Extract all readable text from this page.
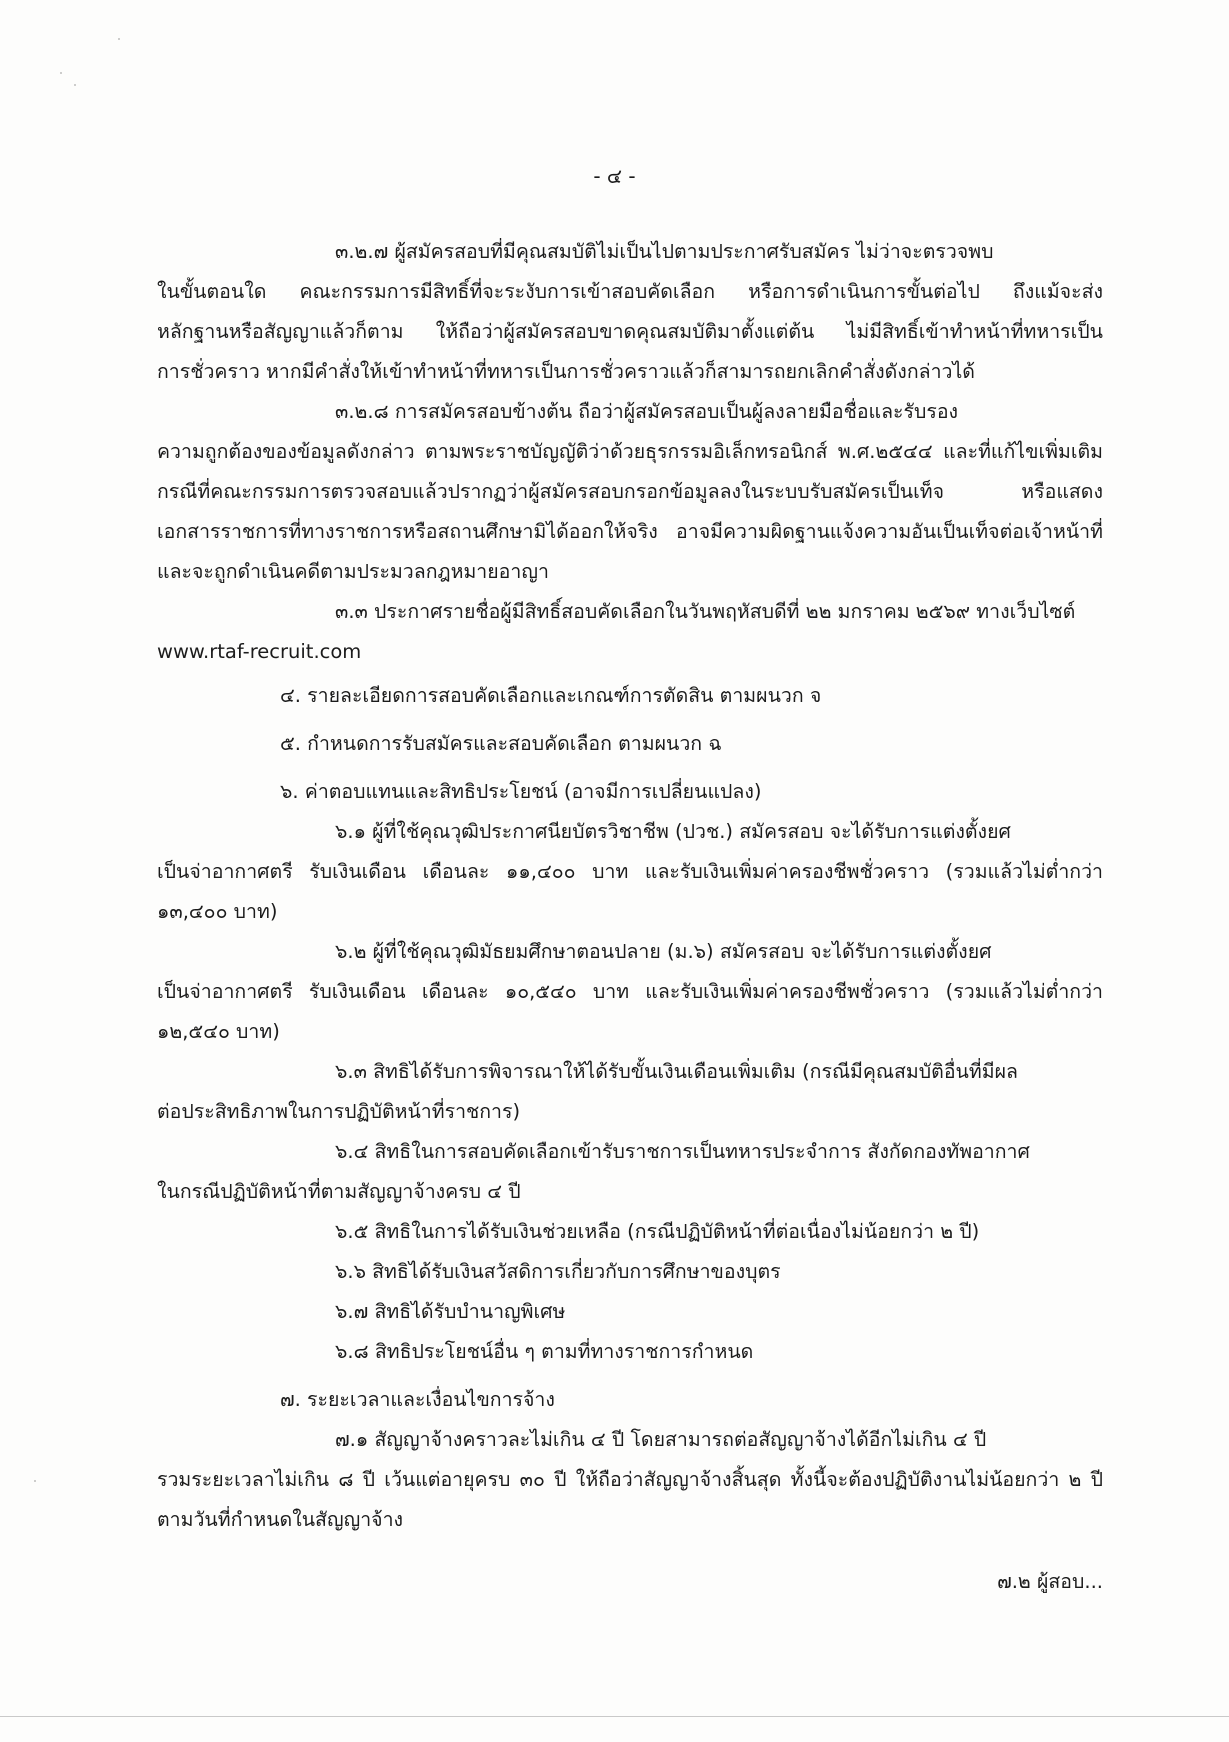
- ๔ -
๓.๒.๗ ผู้สมัครสอบที่มีคุณสมบัติไม่เป็นไปตามประกาศรับสมัคร ไม่ว่าจะตรวจพบ
ในขั้นตอนใด คณะกรรมการมีสิทธิ์ที่จะระงับการเข้าสอบคัดเลือก หรือการดำเนินการขั้นต่อไป ถึงแม้จะส่ง
หลักฐานหรือสัญญาแล้วก็ตาม ให้ถือว่าผู้สมัครสอบขาดคุณสมบัติมาตั้งแต่ต้น ไม่มีสิทธิ์เข้าทำหน้าที่ทหารเป็น
การชั่วคราว หากมีคำสั่งให้เข้าทำหน้าที่ทหารเป็นการชั่วคราวแล้วก็สามารถยกเลิกคำสั่งดังกล่าวได้
๓.๒.๘ การสมัครสอบข้างต้น ถือว่าผู้สมัครสอบเป็นผู้ลงลายมือชื่อและรับรอง
ความถูกต้องของข้อมูลดังกล่าว ตามพระราชบัญญัติว่าด้วยธุรกรรมอิเล็กทรอนิกส์ พ.ศ.๒๕๔๔ และที่แก้ไขเพิ่มเติม
กรณีที่คณะกรรมการตรวจสอบแล้วปรากฏว่าผู้สมัครสอบกรอกข้อมูลลงในระบบรับสมัครเป็นเท็จ หรือแสดง
เอกสารราชการที่ทางราชการหรือสถานศึกษามิได้ออกให้จริง อาจมีความผิดฐานแจ้งความอันเป็นเท็จต่อเจ้าหน้าที่
และจะถูกดำเนินคดีตามประมวลกฎหมายอาญา
๓.๓ ประกาศรายชื่อผู้มีสิทธิ์สอบคัดเลือกในวันพฤหัสบดีที่ ๒๒ มกราคม ๒๕๖๙ ทางเว็บไซต์
www.rtaf-recruit.com
๔. รายละเอียดการสอบคัดเลือกและเกณฑ์การตัดสิน ตามผนวก จ
๕. กำหนดการรับสมัครและสอบคัดเลือก ตามผนวก ฉ
๖. ค่าตอบแทนและสิทธิประโยชน์ (อาจมีการเปลี่ยนแปลง)
๖.๑ ผู้ที่ใช้คุณวุฒิประกาศนียบัตรวิชาชีพ (ปวช.) สมัครสอบ จะได้รับการแต่งตั้งยศ
เป็นจ่าอากาศตรี รับเงินเดือน เดือนละ ๑๑,๔๐๐ บาท และรับเงินเพิ่มค่าครองชีพชั่วคราว (รวมแล้วไม่ต่ำกว่า
๑๓,๔๐๐ บาท)
๖.๒ ผู้ที่ใช้คุณวุฒิมัธยมศึกษาตอนปลาย (ม.๖) สมัครสอบ จะได้รับการแต่งตั้งยศ
เป็นจ่าอากาศตรี รับเงินเดือน เดือนละ ๑๐,๕๔๐ บาท และรับเงินเพิ่มค่าครองชีพชั่วคราว (รวมแล้วไม่ต่ำกว่า
๑๒,๕๔๐ บาท)
๖.๓ สิทธิได้รับการพิจารณาให้ได้รับขั้นเงินเดือนเพิ่มเติม (กรณีมีคุณสมบัติอื่นที่มีผล
ต่อประสิทธิภาพในการปฏิบัติหน้าที่ราชการ)
๖.๔ สิทธิในการสอบคัดเลือกเข้ารับราชการเป็นทหารประจำการ สังกัดกองทัพอากาศ
ในกรณีปฏิบัติหน้าที่ตามสัญญาจ้างครบ ๔ ปี
๖.๕ สิทธิในการได้รับเงินช่วยเหลือ (กรณีปฏิบัติหน้าที่ต่อเนื่องไม่น้อยกว่า ๒ ปี)
๖.๖ สิทธิได้รับเงินสวัสดิการเกี่ยวกับการศึกษาของบุตร
๖.๗ สิทธิได้รับบำนาญพิเศษ
๖.๘ สิทธิประโยชน์อื่น ๆ ตามที่ทางราชการกำหนด
๗. ระยะเวลาและเงื่อนไขการจ้าง
๗.๑ สัญญาจ้างคราวละไม่เกิน ๔ ปี โดยสามารถต่อสัญญาจ้างได้อีกไม่เกิน ๔ ปี
รวมระยะเวลาไม่เกิน ๘ ปี เว้นแต่อายุครบ ๓๐ ปี ให้ถือว่าสัญญาจ้างสิ้นสุด ทั้งนี้จะต้องปฏิบัติงานไม่น้อยกว่า ๒ ปี
ตามวันที่กำหนดในสัญญาจ้าง
๗.๒ ผู้สอบ...
